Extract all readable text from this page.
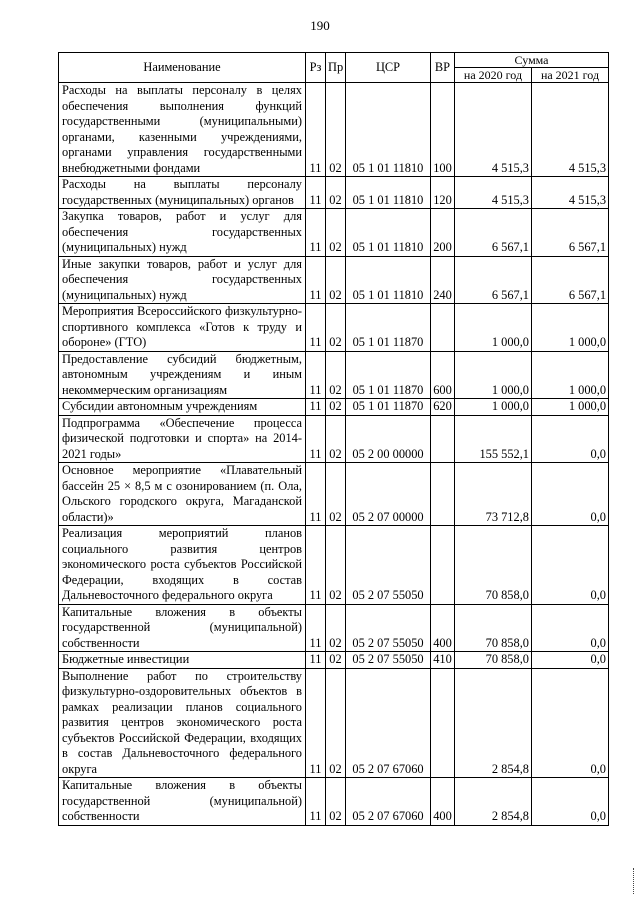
190
Наименование	Рз	Пр	ЦСР	ВР	Сумма	
					на 2020 год	на 2021 год
Расходы на выплаты персоналу в целях обеспечения выполнения функций государственными (муниципальными) органами, казенными учреждениями, органами управления государственными внебюджетными фондами	11	02	05 1 01 11810	100	4 515,3	4 515,3
Расходы на выплаты персоналу государственных (муниципальных) органов	11	02	05 1 01 11810	120	4 515,3	4 515,3
Закупка товаров, работ и услуг для обеспечения государственных (муниципальных) нужд	11	02	05 1 01 11810	200	6 567,1	6 567,1
Иные закупки товаров, работ и услуг для обеспечения государственных (муниципальных) нужд	11	02	05 1 01 11810	240	6 567,1	6 567,1
Мероприятия Всероссийского физкультурно-спортивного комплекса «Готов к труду и обороне» (ГТО)	11	02	05 1 01 11870		1 000,0	1 000,0
Предоставление субсидий бюджетным, автономным учреждениям и иным некоммерческим организациям	11	02	05 1 01 11870	600	1 000,0	1 000,0
Субсидии автономным учреждениям	11	02	05 1 01 11870	620	1 000,0	1 000,0
Подпрограмма «Обеспечение процесса физической подготовки и спорта» на 2014-2021 годы»	11	02	05 2 00 00000		155 552,1	0,0
Основное мероприятие «Плавательный бассейн 25 × 8,5 м с озонированием (п. Ола, Ольского городского округа, Магаданской области)»	11	02	05 2 07 00000		73 712,8	0,0
Реализация мероприятий планов социального развития центров экономического роста субъектов Российской Федерации, входящих в состав Дальневосточного федерального округа	11	02	05 2 07 55050		70 858,0	0,0
Капитальные вложения в объекты государственной (муниципальной) собственности	11	02	05 2 07 55050	400	70 858,0	0,0
Бюджетные инвестиции	11	02	05 2 07 55050	410	70 858,0	0,0
Выполнение работ по строительству физкультурно-оздоровительных объектов в рамках реализации планов социального развития центров экономического роста субъектов Российской Федерации, входящих в состав Дальневосточного федерального округа	11	02	05 2 07 67060		2 854,8	0,0
Капитальные вложения в объекты государственной (муниципальной) собственности	11	02	05 2 07 67060	400	2 854,8	0,0
